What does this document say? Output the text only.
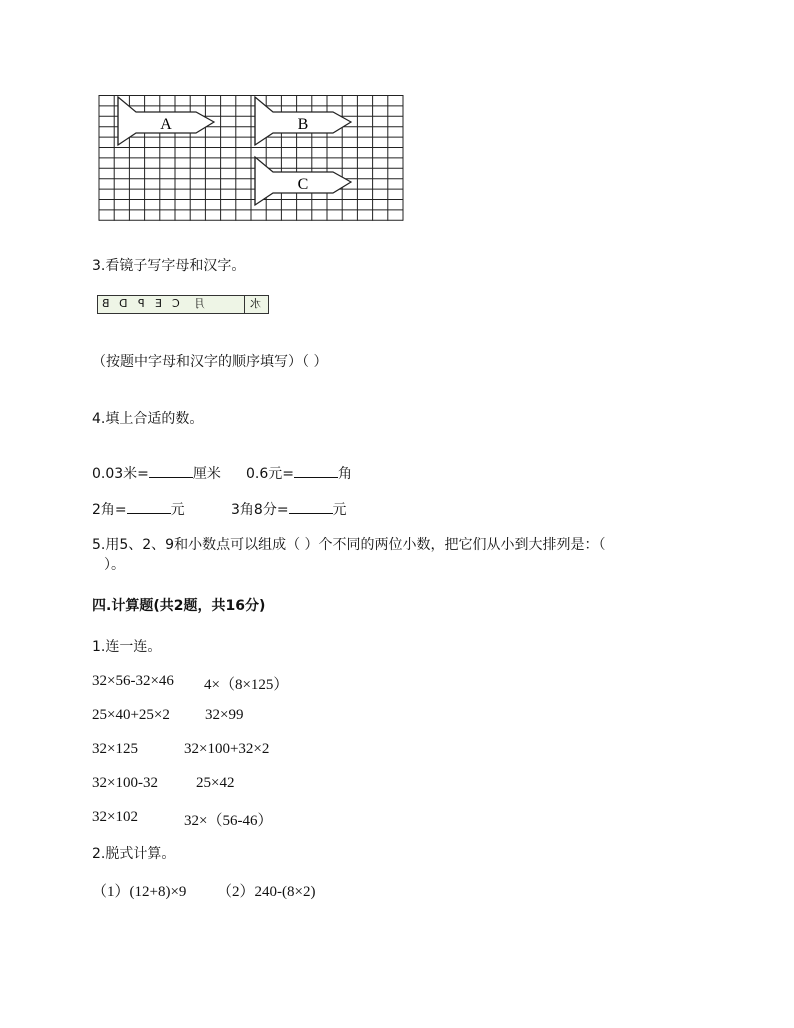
A	B
C
3.看镜子写字母和汉字。
B D P E C 月	水
（按题中字母和汉字的顺序填写）（ ）
4.填上合适的数。
0.03米=	厘米 0.6元=	角
2角=	元	3角8分=	元
5.用5、2、9和小数点可以组成（ ）个不同的两位小数，把它们从小到大排列是：（
）。
四.计算题(共2题，共16分)
1.连一连。
32×56-32×46 4×（8×125）
25×40+25×2 32×99
32×125	32×100+32×2
32×100-32	25×42
32×102	32×（56-46）
2.脱式计算。
（1）(12+8)×9 （2）240-(8×2)
